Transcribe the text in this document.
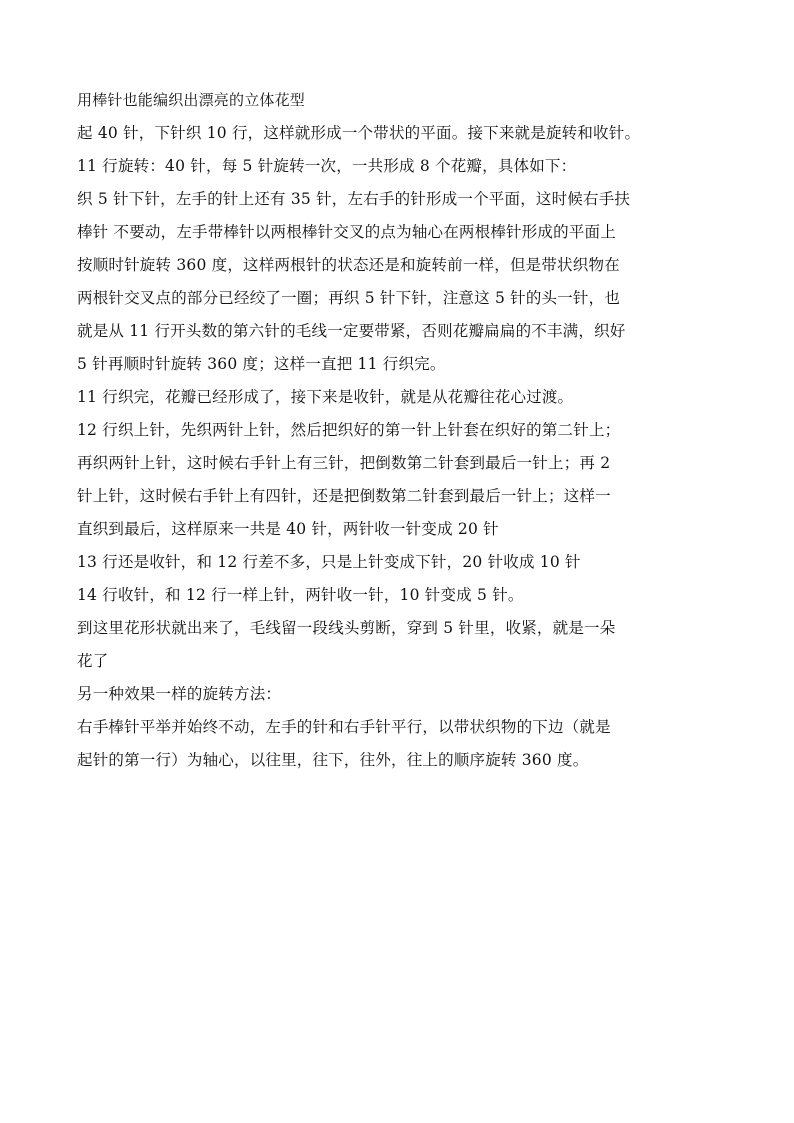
用棒针也能编织出漂亮的立体花型
起 40 针，下针织 10 行，这样就形成一个带状的平面。接下来就是旋转和收针。
11 行旋转：40 针，每 5 针旋转一次，一共形成 8 个花瓣，具体如下：
织 5 针下针，左手的针上还有 35 针，左右手的针形成一个平面，这时候右手扶
棒针 不要动，左手带棒针以两根棒针交叉的点为轴心在两根棒针形成的平面上
按顺时针旋转 360 度，这样两根针的状态还是和旋转前一样，但是带状织物在
两根针交叉点的部分已经绞了一圈；再织 5 针下针，注意这 5 针的头一针，也
就是从 11 行开头数的第六针的毛线一定要带紧，否则花瓣扁扁的不丰满，织好
5 针再顺时针旋转 360 度；这样一直把 11 行织完。
11 行织完，花瓣已经形成了，接下来是收针，就是从花瓣往花心过渡。
12 行织上针，先织两针上针，然后把织好的第一针上针套在织好的第二针上；
再织两针上针，这时候右手针上有三针，把倒数第二针套到最后一针上；再 2
针上针，这时候右手针上有四针，还是把倒数第二针套到最后一针上；这样一
直织到最后，这样原来一共是 40 针，两针收一针变成 20 针
13 行还是收针，和 12 行差不多，只是上针变成下针，20 针收成 10 针
14 行收针，和 12 行一样上针，两针收一针，10 针变成 5 针。
到这里花形状就出来了，毛线留一段线头剪断，穿到 5 针里，收紧，就是一朵
花了
另一种效果一样的旋转方法：
右手棒针平举并始终不动，左手的针和右手针平行，以带状织物的下边（就是
起针的第一行）为轴心，以往里，往下，往外，往上的顺序旋转 360 度。
